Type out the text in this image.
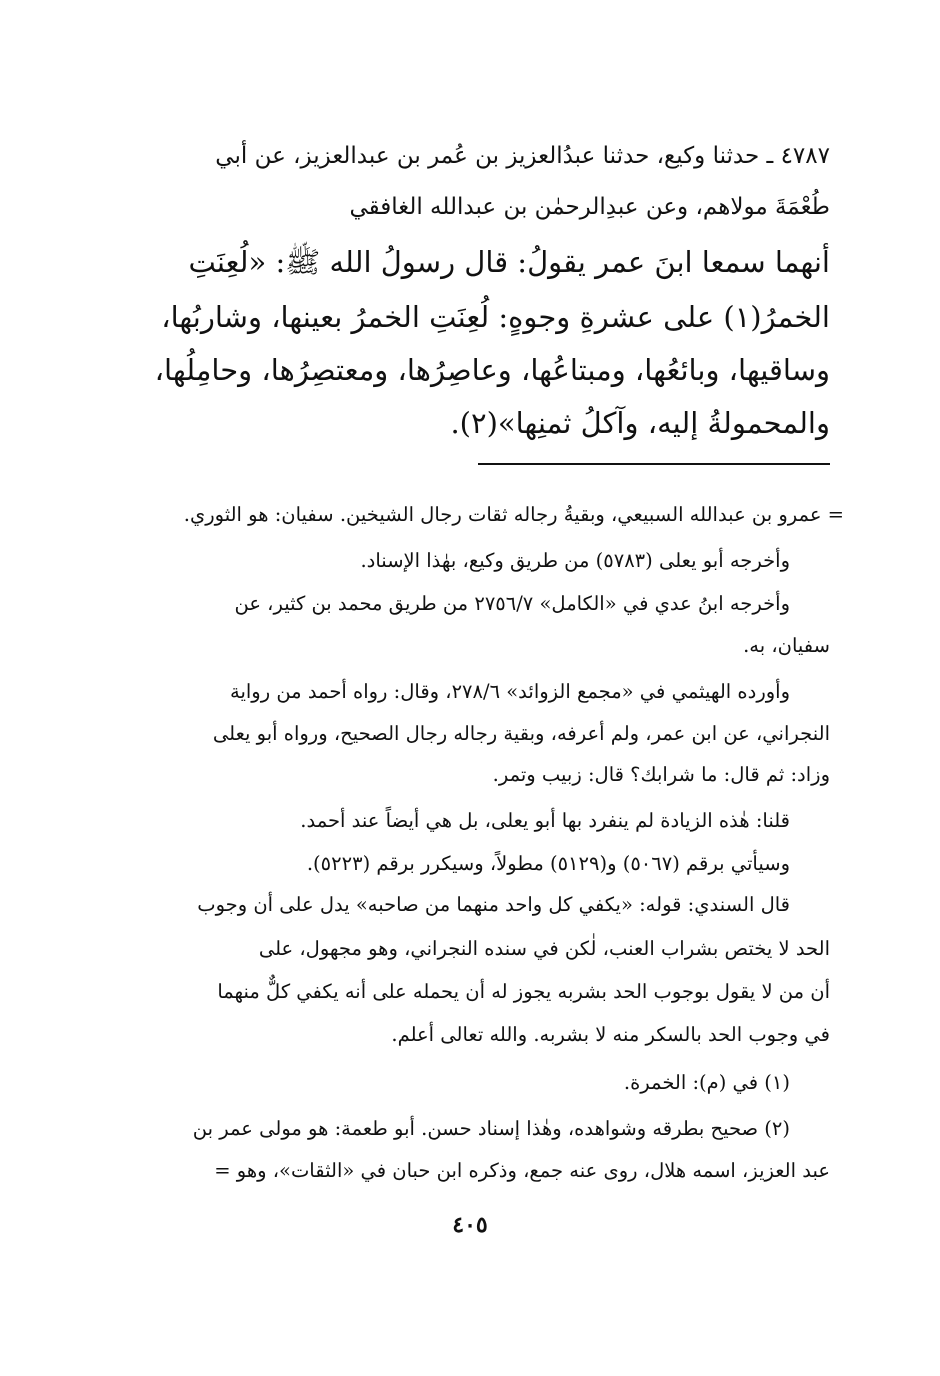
٤٧٨٧ ـ حدثنا وكيع، حدثنا عبدُالعزيز بن عُمر بن عبدالعزيز، عن أبي
طُعْمَةَ مولاهم، وعن عبدِالرحمٰن بن عبدالله الغافقي
أنهما سمعا ابنَ عمر يقولُ: قال رسولُ الله ﷺ: «لُعِنَتِ
الخمرُ(١) على عشرةِ وجوهٍ: لُعِنَتِ الخمرُ بعينها، وشاربُها،
وساقيها، وبائعُها، ومبتاعُها، وعاصِرُها، ومعتصِرُها، وحامِلُها،
والمحمولةُ إليه، وآكلُ ثمنِها»(٢).
= عمرو بن عبدالله السبيعي، وبقيةُ رجاله ثقات رجال الشيخين. سفيان: هو الثوري.
وأخرجه أبو يعلى (٥٧٨٣) من طريق وكيع، بهٰذا الإسناد.
وأخرجه ابنُ عدي في «الكامل» ٢٧٥٦/٧ من طريق محمد بن كثير، عن
سفيان، به.
وأورده الهيثمي في «مجمع الزوائد» ٢٧٨/٦، وقال: رواه أحمد من رواية
النجراني، عن ابن عمر، ولم أعرفه، وبقية رجاله رجال الصحيح، ورواه أبو يعلى
وزاد: ثم قال: ما شرابك؟ قال: زبيب وتمر.
قلنا: هٰذه الزيادة لم ينفرد بها أبو يعلى، بل هي أيضاً عند أحمد.
وسيأتي برقم (٥٠٦٧) و(٥١٢٩) مطولاً، وسيكرر برقم (٥٢٢٣).
قال السندي: قوله: «يكفي كل واحد منهما من صاحبه» يدل على أن وجوب
الحد لا يختص بشراب العنب، لٰكن في سنده النجراني، وهو مجهول، على
أن من لا يقول بوجوب الحد بشربه يجوز له أن يحمله على أنه يكفي كلٌّ منهما
في وجوب الحد بالسكر منه لا بشربه. والله تعالى أعلم.
(١) في (م): الخمرة.
(٢) صحيح بطرقه وشواهده، وهٰذا إسناد حسن. أبو طعمة: هو مولى عمر بن
عبد العزيز، اسمه هلال، روى عنه جمع، وذكره ابن حبان في «الثقات»، وهو =
٤٠٥
